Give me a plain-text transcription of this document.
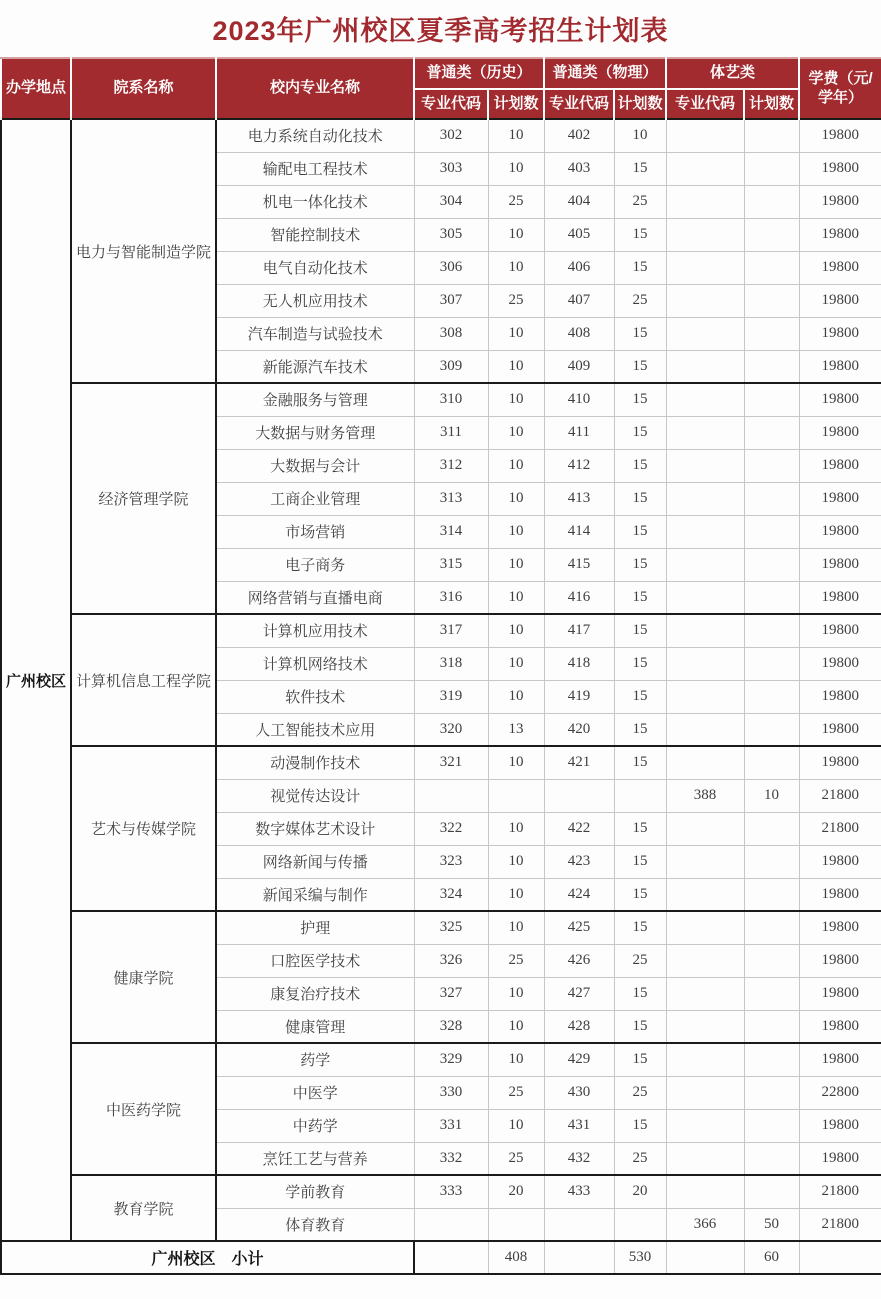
2023年广州校区夏季高考招生计划表
办学地点	院系名称	校内专业名称	普通类（历史）		普通类（物理）		体艺类		学费（元/学年）
			专业代码	计划数	专业代码	计划数	专业代码	计划数	
广州校区	电力与智能制造学院	电力系统自动化技术	302	10	402	10			19800
		输配电工程技术	303	10	403	15			19800
		机电一体化技术	304	25	404	25			19800
		智能控制技术	305	10	405	15			19800
		电气自动化技术	306	10	406	15			19800
		无人机应用技术	307	25	407	25			19800
		汽车制造与试验技术	308	10	408	15			19800
		新能源汽车技术	309	10	409	15			19800
	经济管理学院	金融服务与管理	310	10	410	15			19800
		大数据与财务管理	311	10	411	15			19800
		大数据与会计	312	10	412	15			19800
		工商企业管理	313	10	413	15			19800
		市场营销	314	10	414	15			19800
		电子商务	315	10	415	15			19800
		网络营销与直播电商	316	10	416	15			19800
	计算机信息工程学院	计算机应用技术	317	10	417	15			19800
		计算机网络技术	318	10	418	15			19800
		软件技术	319	10	419	15			19800
		人工智能技术应用	320	13	420	15			19800
	艺术与传媒学院	动漫制作技术	321	10	421	15			19800
		视觉传达设计					388	10	21800
		数字媒体艺术设计	322	10	422	15			21800
		网络新闻与传播	323	10	423	15			19800
		新闻采编与制作	324	10	424	15			19800
	健康学院	护理	325	10	425	15			19800
		口腔医学技术	326	25	426	25			19800
		康复治疗技术	327	10	427	15			19800
		健康管理	328	10	428	15			19800
	中医药学院	药学	329	10	429	15			19800
		中医学	330	25	430	25			22800
		中药学	331	10	431	15			19800
		烹饪工艺与营养	332	25	432	25			19800
	教育学院	学前教育	333	20	433	20			21800
		体育教育					366	50	21800
广州校区　小计				408		530		60	
